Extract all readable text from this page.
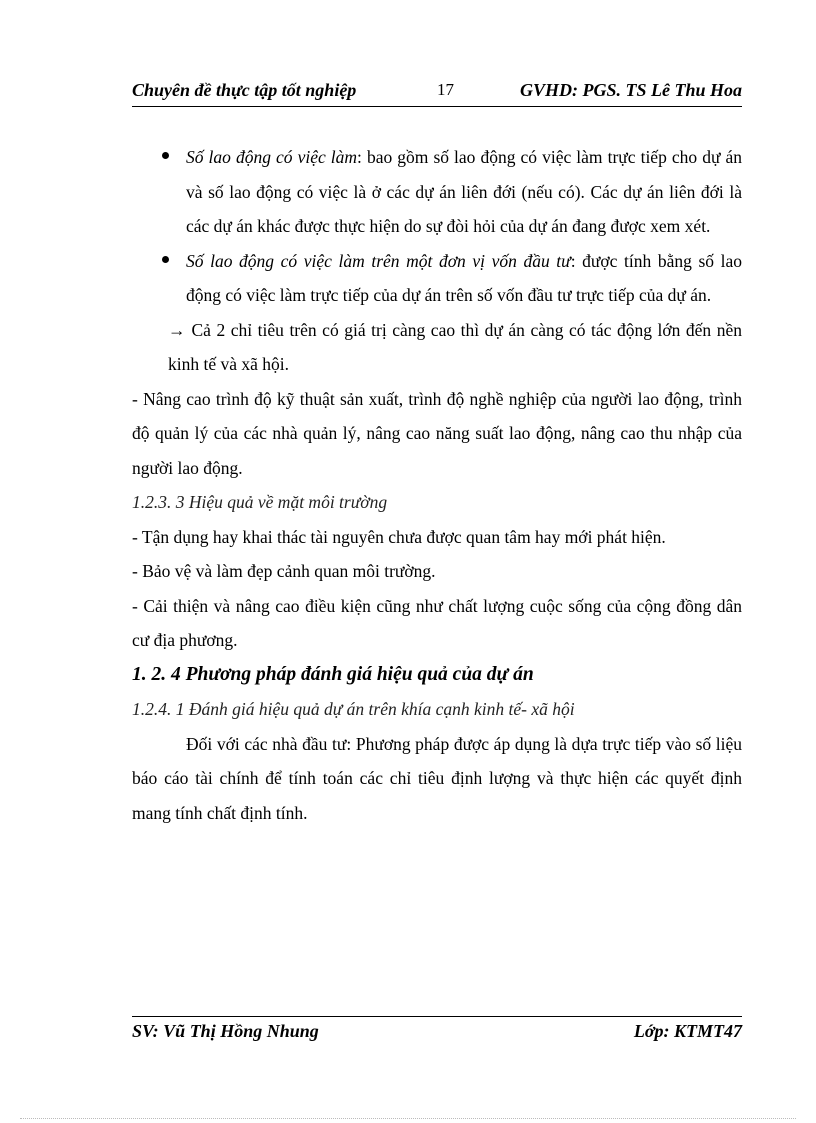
Chuyên đề thực tập tốt nghiệp	17	GVHD: PGS. TS Lê Thu Hoa

Số lao động có việc làm: bao gồm số lao động có việc làm trực tiếp cho dự án và số lao động có việc là ở các dự án liên đới (nếu có). Các dự án liên đới là các dự án khác được thực hiện do sự đòi hỏi của dự án đang được xem xét.

Số lao động có việc làm trên một đơn vị vốn đầu tư: được tính bằng số lao động có việc làm trực tiếp của dự án trên số vốn đầu tư trực tiếp của dự án.

→ Cả 2 chỉ tiêu trên có giá trị càng cao thì dự án càng có tác động lớn đến nền kinh tế và xã hội.

- Nâng cao trình độ kỹ thuật sản xuất, trình độ nghề nghiệp của người lao động, trình độ quản lý của các nhà quản lý, nâng cao năng suất lao động, nâng cao thu nhập của người lao động.

1.2.3. 3 Hiệu quả về mặt môi trường

- Tận dụng hay khai thác tài nguyên chưa được quan tâm hay mới phát hiện.

- Bảo vệ và làm đẹp cảnh quan môi trường.

- Cải thiện và nâng cao điều kiện cũng như chất lượng cuộc sống của cộng đồng dân cư địa phương.

1. 2. 4 Phương pháp đánh giá hiệu quả của dự án

1.2.4. 1 Đánh giá hiệu quả dự án trên khía cạnh kinh tế- xã hội

Đối với các nhà đầu tư: Phương pháp được áp dụng là dựa trực tiếp vào số liệu báo cáo tài chính để tính toán các chỉ tiêu định lượng và thực hiện các quyết định mang tính chất định tính.

SV: Vũ Thị Hồng Nhung	Lớp: KTMT47
